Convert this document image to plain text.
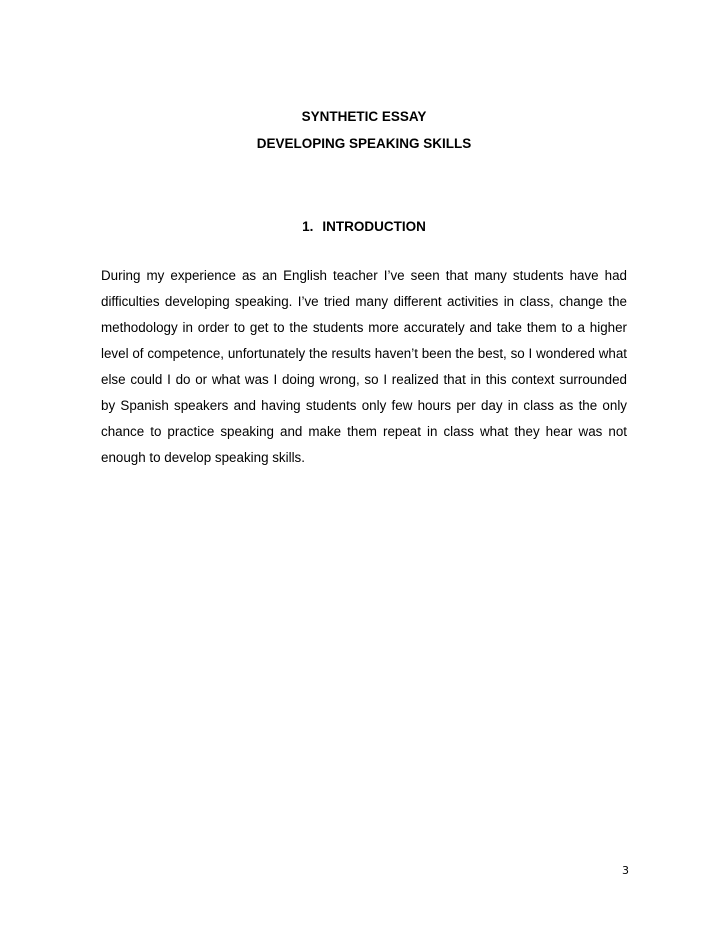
SYNTHETIC ESSAY
DEVELOPING SPEAKING SKILLS
1. INTRODUCTION

During my experience as an English teacher I’ve seen that many students have had difficulties developing speaking. I’ve tried many different activities in class, change the methodology in order to get to the students more accurately and take them to a higher level of competence, unfortunately the results haven’t been the best, so I wondered what else could I do or what was I doing wrong, so I realized that in this context surrounded by Spanish speakers and having students only few hours per day in class as the only chance to practice speaking and make them repeat in class what they hear was not enough to develop speaking skills.

3
